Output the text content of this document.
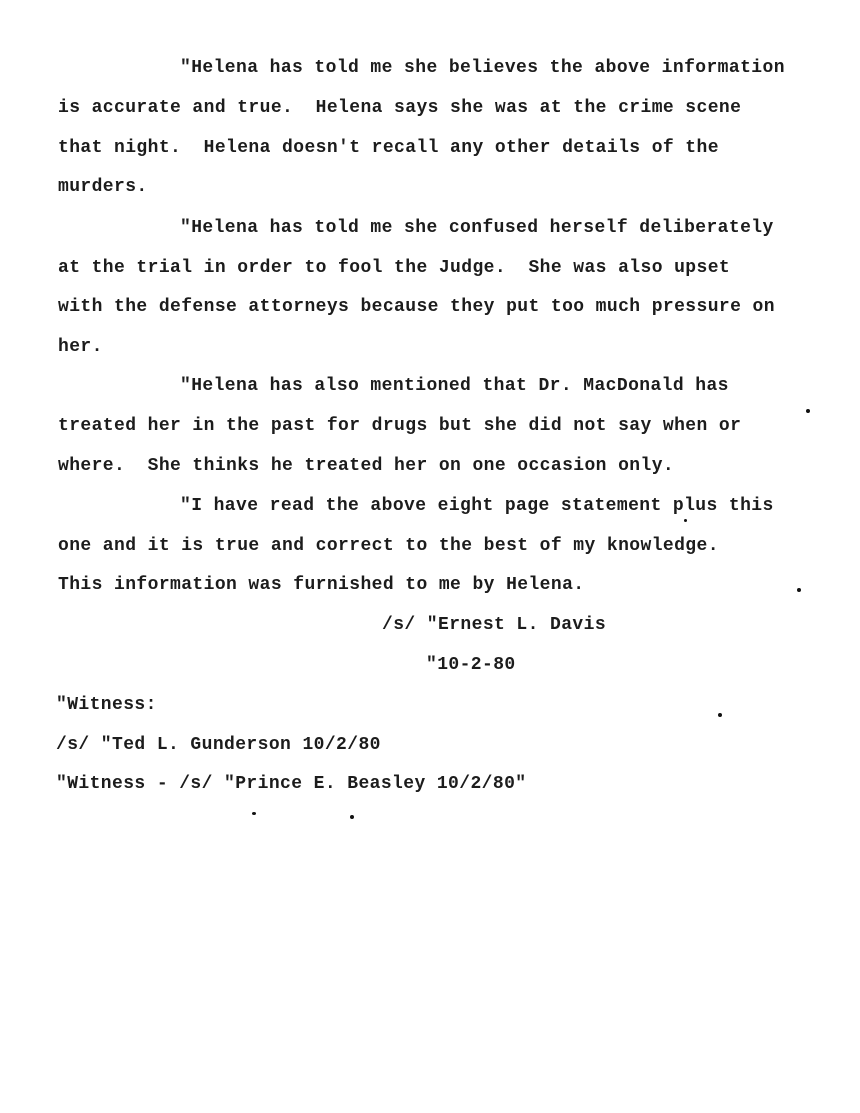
"Helena has told me she believes the above information
is accurate and true.  Helena says she was at the crime scene
that night.  Helena doesn't recall any other details of the
murders.
"Helena has told me she confused herself deliberately
at the trial in order to fool the Judge.  She was also upset
with the defense attorneys because they put too much pressure on
her.
"Helena has also mentioned that Dr. MacDonald has
treated her in the past for drugs but she did not say when or
where.  She thinks he treated her on one occasion only.
"I have read the above eight page statement plus this
one and it is true and correct to the best of my knowledge.
This information was furnished to me by Helena.
/s/ "Ernest L. Davis
"10-2-80
"Witness:
/s/ "Ted L. Gunderson 10/2/80
"Witness - /s/ "Prince E. Beasley 10/2/80"
